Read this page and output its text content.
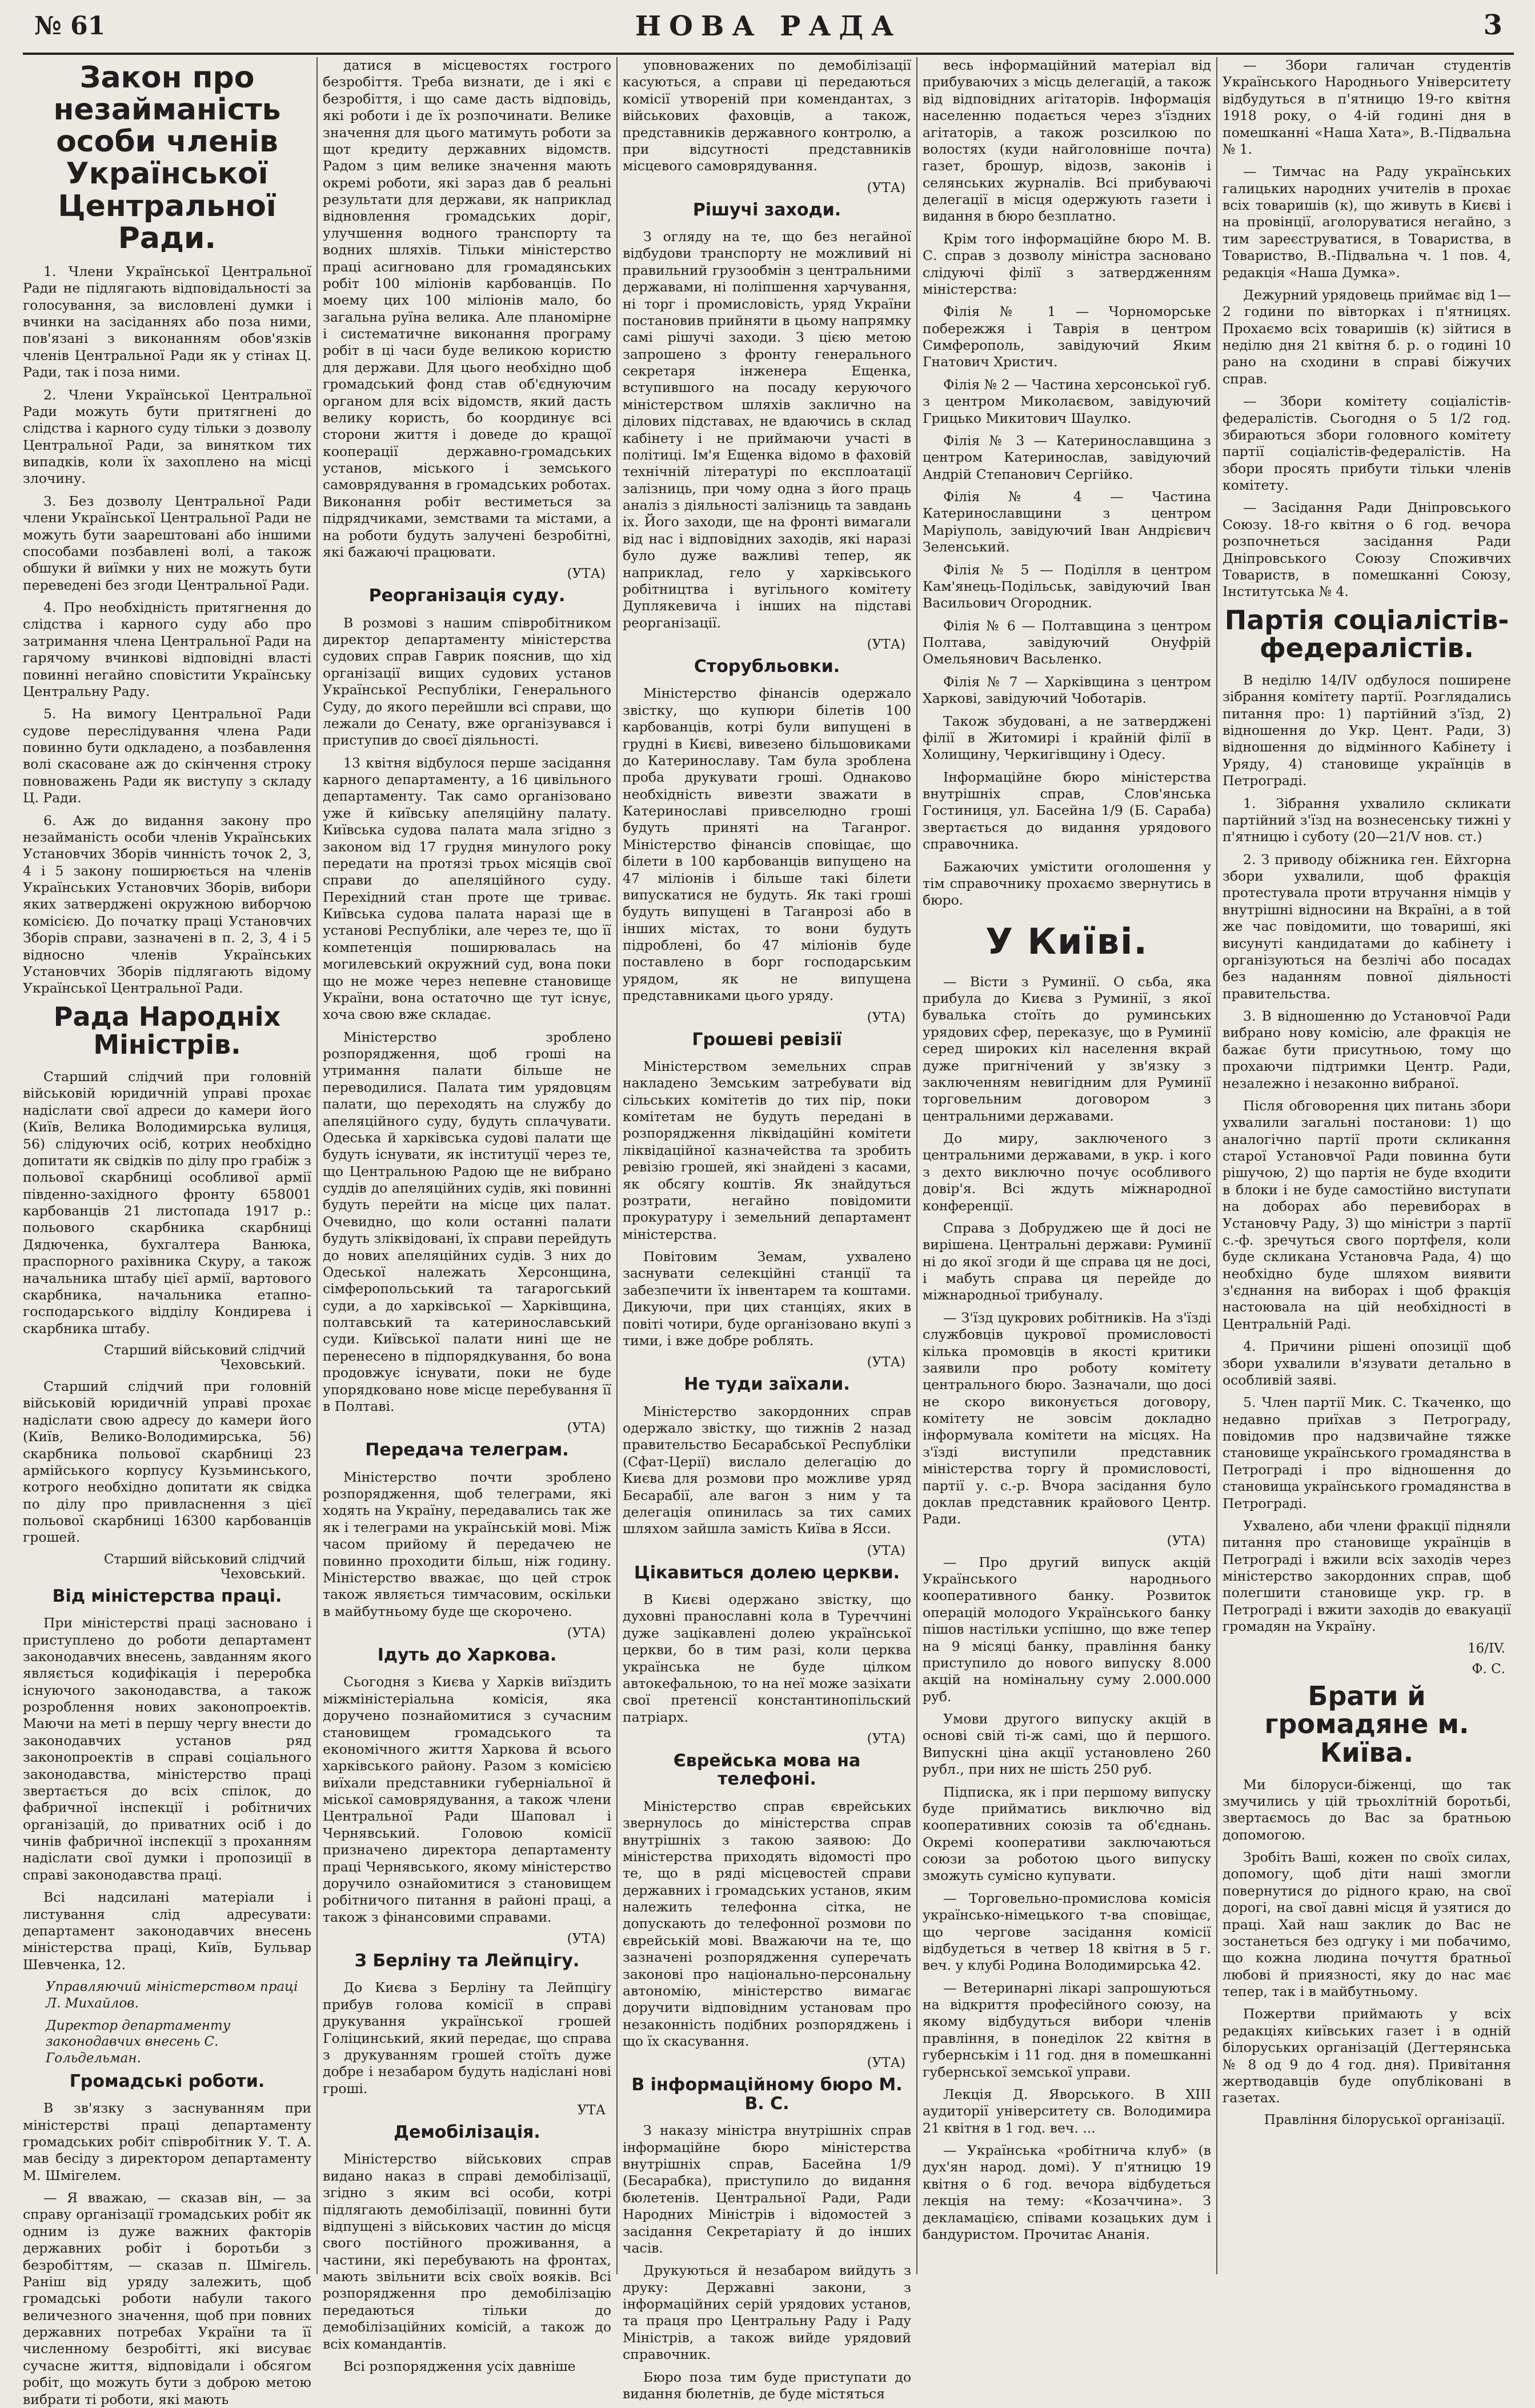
№ 61	НОВА РАДА	3
Закон про незайманість особи членів Української Центральної Ради.

1. Члени Української Центральної Ради не підлягають відповідальності за голосування, за висловлені думки і вчинки на засіданнях або поза ними, пов'язані з виконанням обов'язків членів Центральної Ради як у стінах Ц. Ради, так і поза ними.

2. Члени Української Центральної Ради можуть бути притягнені до слідства і карного суду тільки з дозволу Центральної Ради, за винятком тих випадків, коли їх захоплено на місці злочину.

3. Без дозволу Центральної Ради члени Української Центральної Ради не можуть бути заарештовані або іншими способами позбавлені волі, а також обшуки й виїмки у них не можуть бути переведені без згоди Центральної Ради.

4. Про необхідність притягнення до слідства і карного суду або про затримання члена Центральної Ради на гарячому вчинкові відповідні власті повинні негайно сповістити Українську Центральну Раду.

5. На вимогу Центральної Ради судове переслідування члена Ради повинно бути одкладено, а позбавлення волі скасоване аж до скінчення строку повноважень Ради як виступу з складу Ц. Ради.

6. Аж до видання закону про незайманість особи членів Українських Установчих Зборів чинність точок 2, 3, 4 і 5 закону поширюється на членів Українських Установчих Зборів, вибори яких затверджені окружною виборчою комісією. До початку праці Установчих Зборів справи, зазначені в п. 2, 3, 4 і 5 відносно членів Українських Установчих Зборів підлягають відому Української Центральної Ради.

Рада Народніх Міністрів.

Старший слідчий при головній військовій юридичній управі прохає надіслати свої адреси до камери його (Київ, Велика Володимирська вулиця, 56) слідуючих осіб, котрих необхідно допитати як свідків по ділу про грабіж з польової скарбниці особливої армії південно-західного фронту 658001 карбованців 21 листопада 1917 р.: польового скарбника скарбниці Дядюченка, бухгалтера Ванюка, праспорного рахівника Скуру, а також начальника штабу цієї армії, вартового скарбника, начальника етапно-господарського відділу Кондирева і скарбника штабу.

Старший військовий слідчий Чеховський.

Старший слідчий при головній військовій юридичній управі прохає надіслати свою адресу до камери його (Київ, Велико-Володимирська, 56) скарбника польової скарбниці 23 армійського корпусу Кузьминського, котрого необхідно допитати як свідка по ділу про привласнення з цієї польової скарбниці 16300 карбованців грошей.

Старший військовий слідчий Чеховський.
Від міністерства праці.

При міністерстві праці засновано і приступлено до роботи департамент законодавчих внесень, завданням якого являється кодифікація і переробка існуючого законодавства, а також розроблення нових законопроектів. Маючи на меті в першу чергу внести до законодавчих установ ряд законопроектів в справі соціального законодавства, міністерство праці звертається до всіх спілок, до фабричної інспекції і робітничих організацій, до приватних осіб і до чинів фабричної інспекції з проханням надіслати свої думки і пропозиції в справі законодавства праці.

Всі надсилані матеріали і листування слід адресувати: департамент законодавчих внесень міністерства праці, Київ, Бульвар Шевченка, 12.

Управляючий міністерством праці Л. Михайлов.
Директор департаменту законодавчих внесень С. Гольдельман.
Громадські роботи.

В зв'язку з заснуванням при міністерстві праці департаменту громадських робіт співробітник У. Т. А. мав бесіду з директором департаменту М. Шмігелем.

— Я вважаю, — сказав він, — за справу організації громадських робіт як одним із дуже важних факторів державних робіт і боротьби з безробіттям, — сказав п. Шмігель. Раніш від уряду залежить, щоб громадські роботи набули такого величезного значення, щоб при повних державних потребах України та її численному безробітті, які висуває сучасне життя, відповідали і обсягом робіт, що можуть бути з доброю метою вибрати ті роботи, які мають

датися в місцевостях гострого безробіття. Треба визнати, де і які є безробіття, і що саме дасть відповідь, які роботи і де їх розпочинати. Велике значення для цього матимуть роботи за щот кредиту державних відомств. Радом з цим велике значення мають окремі роботи, які зараз дав б реальні результати для держави, як наприклад відновлення громадських доріг, улучшення водного транспорту та водних шляхів. Тільки міністерство праці асигновано для громадянських робіт 100 міліонів карбованців. По моему цих 100 міліонів мало, бо загальна руїна велика. Але планомірне і систематичне виконання програму робіт в ці часи буде великою користю для держави. Для цього необхідно щоб громадський фонд став об'єднуючим органом для всіх відомств, який дасть велику користь, бо координує всі сторони життя і доведе до кращої кооперації державно-громадських установ, міського і земського самоврядування в громадських роботах. Виконання робіт вестиметься за підрядчиками, земствами та містами, а на роботи будуть залучені безробітні, які бажаючі працювати.

(УТА)
Реорганізація суду.

В розмові з нашим співробітником директор департаменту міністерства судових справ Гаврик пояснив, що хід організації вищих судових установ Української Республіки, Генерального Суду, до якого перейшли всі справи, що лежали до Сенату, вже організувався і приступив до своєї діяльності.

13 квітня відбулося перше засідання карного департаменту, а 16 цивільного департаменту. Так само організовано уже й київську апеляційну палату. Київська судова палата мала згідно з законом від 17 грудня минулого року передати на протязі трьох місяців свої справи до апеляційного суду. Перехідний стан проте ще триває. Київська судова палата наразі ще в установі Республіки, але через те, що її компетенція поширювалась на могилевський окружний суд, вона поки що не може через непевне становище України, вона остаточно ще тут існує, хоча свою вже складає.

Міністерство зроблено розпорядження, щоб гроші на утримання палати більше не переводилися. Палата тим урядовцям палати, що переходять на службу до апеляційного суду, будуть сплачувати. Одеська й харківська судові палати ще будуть існувати, як інституції через те, що Центральною Радою ще не вибрано суддів до апеляційних судів, які повинні будуть перейти на місце цих палат. Очевидно, що коли останні палати будуть зліквідовані, їх справи перейдуть до нових апеляційних судів. З них до Одеської належать Херсонщина, сімферопольський та тагарогський суди, а до харківської — Харківщина, полтавський та катеринославський суди. Київської палати нині ще не перенесено в підпорядкування, бо вона продовжує існувати, поки не буде упорядковано нове місце перебування її в Полтаві.

(УТА)
Передача телеграм.

Міністерство почти зроблено розпорядження, щоб телеграми, які ходять на Україну, передавались так же як і телеграми на українській мові. Між часом прийому й передачею не повинно проходити більш, ніж годину. Міністерство вважає, що цей строк також являється тимчасовим, оскільки в майбутньому буде ще скорочено.

(УТА)
Ідуть до Харкова.

Сьогодня з Києва у Харків виїздить міжміністеріальна комісія, яка доручено познайомитися з сучасним становищем громадського та економічного життя Харкова й всього харківського району. Разом з комісією виїхали представники губерніальної й міської самоврядування, а також члени Центральної Ради Шаповал і Чернявський. Головою комісії призначено директора департаменту праці Чернявського, якому міністерство доручило ознайомитися з становищем робітничого питання в районі праці, а також з фінансовими справами.

(УТА)
З Берліну та Лейпцігу.

До Києва з Берліну та Лейпцігу прибув голова комісії в справі друкування української грошей Голіцинський, який передає, що справа з друкуванням грошей стоїть дуже добре і незабаром будуть надіслані нові гроші.

УТА
Демобілізація.

Міністерство військових справ видано наказ в справі демобілізації, згідно з яким всі особи, котрі підлягають демобілізації, повинні бути відпущені з військових частин до місця свого постійного проживання, а частини, які перебувають на фронтах, мають звільнити всіх своїх вояків. Всі розпорядження про демобілізацію передаються тільки до демобілізаційних комісій, а також до всіх командантів.

Всі розпорядження усіх давніше

уповноважених по демобілізації касуються, а справи ці передаються комісії утвореній при комендантах, з військових фаховців, а також, представників державного контролю, а при відсутності представників місцевого самоврядування.

(УТА)
Рішучі заходи.

З огляду на те, що без негайної відбудови транспорту не можливий ні правильний грузообмін з центральними державами, ні поліпшення харчування, ні торг і промисловість, уряд України постановив прийняти в цьому напрямку самі рішучі заходи. З цією метою запрошено з фронту генерального секретаря інженера Ещенка, вступившого на посаду керуючого міністерством шляхів заклично на ділових підставах, не вдаючись в склад кабінету і не приймаючи участі в політиці. Ім'я Ещенка відомо в фаховій технічній літературі по експлоатації залізниць, при чому одна з його праць аналіз з діяльності залізниць та завдань іх. Його заходи, ще на фронті вимагали від нас і відповідних заходів, які наразі було дуже важливі тепер, як наприклад, гело у харківського робітництва і вугільного комітету Дуплякевича і інших на підставі реорганізації.

(УТА)
Сторубльовки.

Міністерство фінансів одержало звістку, що купюри білетів 100 карбованців, котрі були випущені в грудні в Києві, вивезено більшовиками до Катеринославу. Там була зроблена проба друкувати гроші. Однаково необхідність вивезти зважати в Катеринославі привселюдно гроші будуть приняті на Таганрог. Міністерство фінансів сповіщає, що білети в 100 карбованців випущено на 47 міліонів і більше такі білети випускатися не будуть. Як такі гроші будуть випущені в Таганрозі або в інших містах, то вони будуть підроблені, бо 47 міліонів буде поставлено в борг господарським урядом, як не випущена представниками цього уряду.

(УТА)
Грошеві ревізії

Міністерством земельних справ накладено Земським затребувати від сільських комітетів до тих пір, поки комітетам не будуть передані в розпорядження ліквідаційні комітети ліквідаційної казначейства та зробить ревізію грошей, які знайдені з касами, як обсягу коштів. Як знайдуться розтрати, негайно повідомити прокуратуру і земельний департамент міністерства.

Повітовим Земам, ухвалено заснувати селекційні станції та забезпечити їх інвентарем та коштами. Дикуючи, при цих станціях, яких в повіті чотири, буде організовано вкупі з тими, і вже добре роблять.

(УТА)
Не туди заїхали.

Міністерство закордонних справ одержало звістку, що тижнів 2 назад правительство Бесарабської Республіки (Сфат-Церії) вислало делегацію до Києва для розмови про можливе уряд Бесарабії, але вагон з ним у та делегація опинилась за тих самих шляхом зайшла замість Київа в Ясси.

(УТА)
Цікавиться долею церкви.

В Києві одержано звістку, що духовні пранославні кола в Туреччині дуже зацікавлені долею української церкви, бо в тим разі, коли церква українська не буде цілком автокефальною, то на неї може зазіхати свої претенсії константинопільский патріарх.

(УТА)
Єврейська мова на телефоні.

Міністерство справ єврейських звернулось до міністерства справ внутрішніх з такою заявою: До міністерства приходять відомості про те, що в ряді місцевостей справи державних і громадських установ, яким належить телефонна сітка, не допускають до телефонної розмови по єврейській мові. Вважаючи на те, що зазначені розпорядження суперечать законові про національно-персональну автономію, міністерство вимагає доручити відповідним установам про незаконність подібних розпоряджень і що їх скасування.

(УТА)
В інформаційному бюро М. В. С.

З наказу міністра внутрішніх справ інформаційне бюро міністерства внутрішніх справ, Басейна 1/9 (Бесарабка), приступило до видання бюлетенів. Центральної Ради, Ради Народних Міністрів і відомостей з засідання Секретаріату й до інших часів.

Друкуються й незабаром вийдуть з друку: Державні закони, з інформаційних серій урядових установ, та праця про Центральну Раду і Раду Міністрів, а також вийде урядовий справочник.

Бюро поза тим буде приступати до видання бюлетнів, де буде містяться

весь інформаційний матеріал від прибуваючих з місць делегацій, а також від відповідних агітаторів. Інформація населенню подається через з'їздних агітаторів, а також розсилкою по волостях (куди найголовніше почта) газет, брошур, відозв, законів і селянських журналів. Всі прибуваючі делегації в місця одержують газети і видання в бюро безплатно.

Крім того інформаційне бюро М. В. С. справ з дозволу міністра засновано слідуючі філії з затвердженням міністерства:

Філія № 1 — Чорноморське побережжя і Таврія в центром Симферополь, завідуючий Яким Гнатович Христич.

Філія № 2 — Частина херсонської губ. з центром Миколаєвом, завідуючий Грицько Микитович Шаулко.

Філія № 3 — Катеринославщина з центром Катеринослав, завідуючий Андрій Степанович Сергійко.

Філія № 4 — Частина Катеринославщини з центром Маріуполь, завідуючий Іван Андрієвич Зеленський.

Філія № 5 — Поділля в центром Кам'янець-Подільськ, завідуючий Іван Васильович Огородник.

Філія № 6 — Полтавщина з центром Полтава, завідуючий Онуфрій Омельянович Васьленко.

Філія № 7 — Харківщина з центром Харкові, завідуючий Чоботарів.

Також збудовані, а не затверджені філії в Житомирі і крайній філії в Холищину, Черкигівщину і Одесу.

Інформаційне бюро міністерства внутрішніх справ, Слов'янська Гостиниця, ул. Басейна 1/9 (Б. Сараба) звертається до видання урядового справочника.

Бажаючих умістити оголошення у тім справочнику прохаємо звернутись в бюро.

У Київі.

— Вісти з Руминії. О сьба, яка прибула до Києва з Руминії, з якої бувалька стоїть до руминських урядових сфер, переказує, що в Руминії серед широких кіл населення вкрай дуже пригнічений у зв'язку з заключенням невигідним для Руминії торговельним договором з центральними державами.

До миру, заключеного з центральними державами, в укр. і кого з дехто виключно почує особливого довір'я. Всі ждуть міжнародної конференції.

Справа з Добруджею ще й досі не вирішена. Центральні держави: Руминії ні до якої згоди й ще справа ця не досі, і мабуть справа ця перейде до міжнародньої трибуналу.

— З'їзд цукрових робітників. На з'їзді службовців цукрової промисловості кілька промовців в якості критики заявили про роботу комітету центрального бюро. Зазначали, що досі не скоро виконується договору, комітету не зовсім докладно інформувала комітети на місцях. На з'їзді виступили представник міністерства торгу й промисловості, партії у. с.-р. Вчора засідання було доклав представник крайового Центр. Ради.

(УТА)

— Про другий випуск акцій Українського народнього кооперативного банку. Розвиток операцій молодого Українського банку пішов настільки успішно, що вже тепер на 9 місяці банку, правління банку приступило до нового випуску 8.000 акцій на номінальну суму 2.000.000 руб.

Умови другого випуску акцій в основі свій ті-ж самі, що й першого. Випускні ціна акції установлено 260 рубл., при них не шість 250 руб.

Підписка, як і при першому випуску буде прийматись виключно від кооперативних союзів та об'єднань. Окремі кооперативи заключаються союзи за роботою цього випуску зможуть сумісно купувати.

— Торговельно-промислова комісія українсько-німецького т-ва сповіщає, що чергове засідання комісії відбудеться в четвер 18 квітня в 5 г. веч. у клубі Родина Володимирська 42.

— Ветеринарні лікарі запрошуються на відкриття професійного союзу, на якому відбудуться вибори членів правління, в понеділок 22 квітня в губернськім і 11 год. дня в помешканні губернської земської управи.

Лекція Д. Яворського. В XIII аудиторії університету св. Володимира 21 квітня в 1 год. веч. ...

— Українська «робітнича клуб» (в дух'ян народ. домі). У п'ятницю 19 квітня о 6 год. вечора відбудеться лекція на тему: «Козаччина». З декламацією, співами козацьких дум і бандуристом. Прочитає Ананія.

— Збори галичан студентів Українського Народнього Університету відбудуться в п'ятницю 19-го квітня 1918 року, о 4-ій годині дня в помешканні «Наша Хата», В.-Підвальна № 1.

— Тимчас на Раду українських галицьких народних учителів в прохає всіх товаришів (к), що живуть в Києві і на провінції, аголоруватися негайно, з тим зареєструватися, в Товариства, в Товариство, В.-Підвальна ч. 1 пов. 4, редакція «Наша Думка».

Дежурний урядовець приймає від 1—2 години по вівторках і п'ятницях. Прохаємо всіх товаришів (к) зійтися в неділю дня 21 квітня б. р. о годині 10 рано на сходини в справі біжучих справ.

— Збори комітету соціалістів-федералістів. Сьогодня о 5 1/2 год. збираються збори головного комітету партії соціалістів-федералістів. На збори просять прибути тільки членів комітету.

— Засідання Ради Дніпровського Союзу. 18-го квітня о 6 год. вечора розпочнеться засідання Ради Дніпровського Союзу Споживчих Товариств, в помешканні Союзу, Інститутська № 4.

Партія соціалістів-федералістів.

В неділю 14/IV одбулося поширене зібрання комітету партії. Розглядались питання про: 1) партійний з'їзд, 2) відношення до Укр. Цент. Ради, 3) відношення до відмінного Кабінету і Уряду, 4) становище українців в Петрограді.

1. Зібрання ухвалило скликати партійний з'їзд на вознесенську тижні у п'ятницю і суботу (20—21/V нов. ст.)

2. З приводу обіжника ген. Ейхгорна збори ухвалили, щоб фракція протестувала проти втручання німців у внутрішні відносини на Вкраїні, а в той же час повідомити, що товариші, які висунуті кандидатами до кабінету і організуються на безлічі або посадах без наданням повної діяльності правительства.

3. В відношенню до Установчої Ради вибрано нову комісію, але фракція не бажає бути присутньою, тому що прохаючи підтримки Центр. Ради, незалежно і незаконно вибраної.

Після обговорення цих питань збори ухвалили загальні постанови: 1) що аналогічно партії проти скликання старої Установчої Ради повинна бути рішучою, 2) що партія не буде входити в блоки і не буде самостійно виступати на доборах або перевиборах в Установчу Раду, 3) що міністри з партії с.-ф. зречуться свого портфеля, коли буде скликана Установча Рада, 4) що необхідно буде шляхом виявити з'єднання на виборах і щоб фракція настоювала на цій необхідності в Центральній Раді.

4. Причини рішені опозиції щоб збори ухвалили в'язувати детально в особливій заяві.

5. Член партії Мик. С. Ткаченко, що недавно приїхав з Петрограду, повідомив про надзвичайне тяжке становище українського громадянства в Петрограді і про відношення до становища українського громадянства в Петрограді.

Ухвалено, аби члени фракції підняли питання про становище українців в Петрограді і вжили всіх заходів через міністерство закордонних справ, щоб полегшити становище укр. гр. в Петрограді і вжити заходів до евакуації громадян на Україну.

16/IV.
Ф. С.
Брати й громадяне м. Київа.

Ми білоруси-біженці, що так змучились у цій трьохлітній боротьбі, звертаємось до Вас за братньою допомогою.

Зробіть Ваші, кожен по своїх силах, допомогу, щоб діти наші змогли повернутися до рідного краю, на свої дорогі, на свої давні місця й узятися до праці. Хай наш заклик до Вас не зостанеться без одгуку і ми побачимо, що кожна людина почуття братньої любові й приязності, яку до нас має тепер, так і в майбутньому.

Пожертви приймають у всіх редакціях київських газет і в одній білоруських організацій (Дегтерянська № 8 од 9 до 4 год. дня). Привітання жертводавців буде опубліковані в газетах.

Правління білоруської організації.
